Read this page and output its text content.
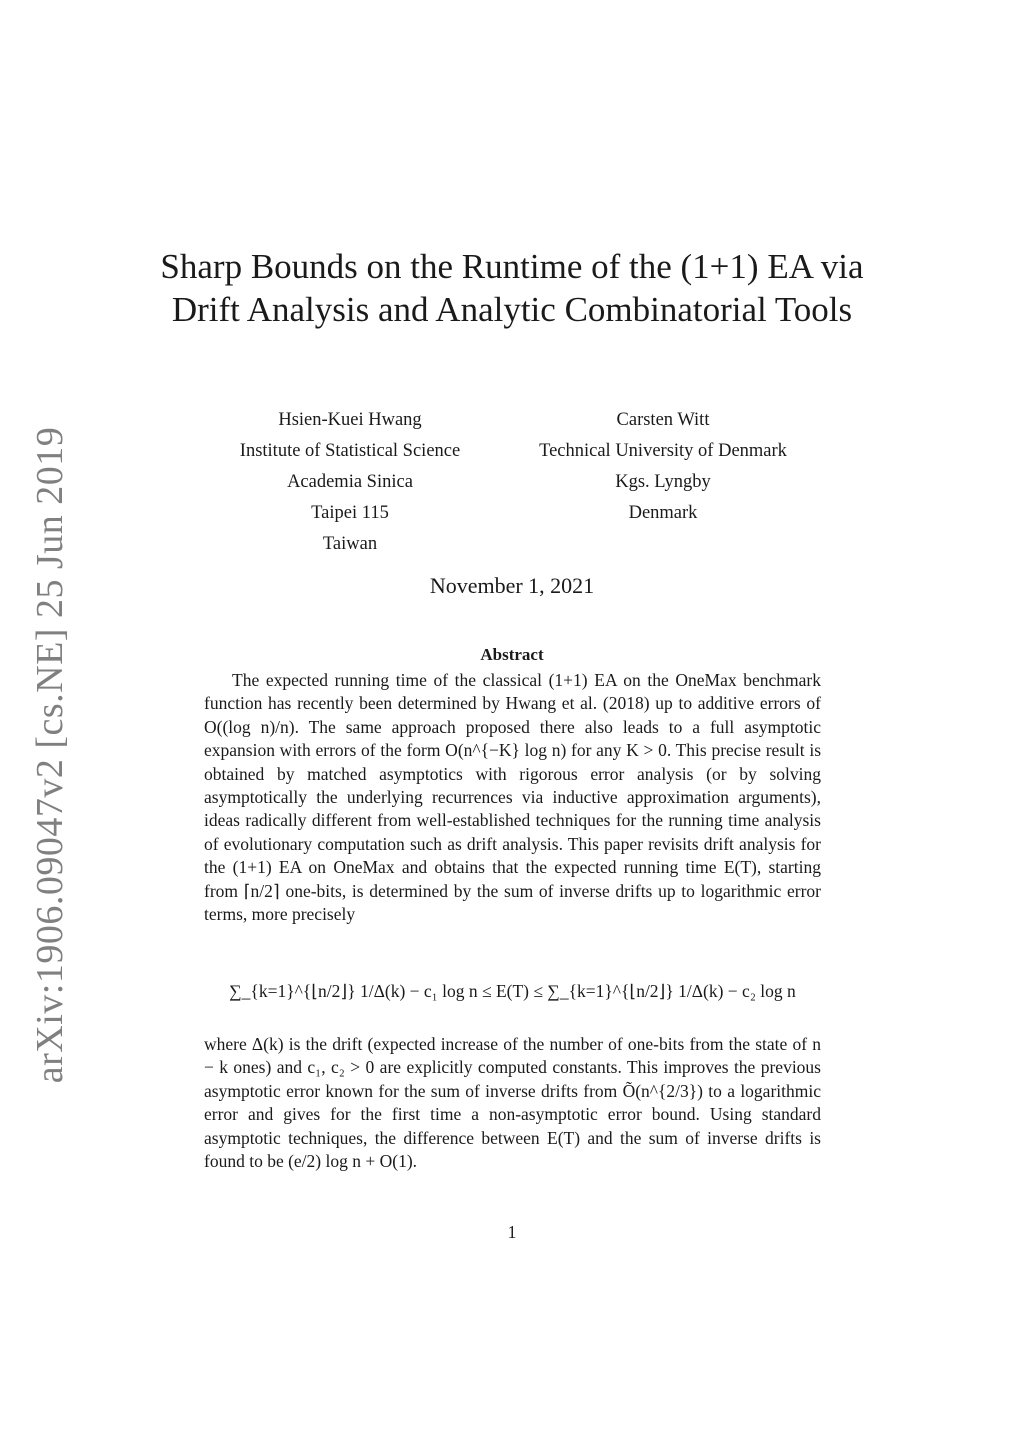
arXiv:1906.09047v2 [cs.NE] 25 Jun 2019
Sharp Bounds on the Runtime of the (1+1) EA via Drift Analysis and Analytic Combinatorial Tools
Hsien-Kuei Hwang
Institute of Statistical Science
Academia Sinica
Taipei 115
Taiwan
Carsten Witt
Technical University of Denmark
Kgs. Lyngby
Denmark
November 1, 2021
Abstract

The expected running time of the classical (1+1) EA on the OneMax benchmark function has recently been determined by Hwang et al. (2018) up to additive errors of O((log n)/n). The same approach proposed there also leads to a full asymptotic expansion with errors of the form O(n^{−K} log n) for any K > 0. This precise result is obtained by matched asymptotics with rigorous error analysis (or by solving asymptotically the underlying recurrences via inductive approximation arguments), ideas radically different from well-established techniques for the running time analysis of evolutionary computation such as drift analysis. This paper revisits drift analysis for the (1+1) EA on OneMax and obtains that the expected running time E(T), starting from ⌈n/2⌉ one-bits, is determined by the sum of inverse drifts up to logarithmic error terms, more precisely

∑_{k=1}^{⌊n/2⌋} 1/Δ(k) − c₁ log n ≤ E(T) ≤ ∑_{k=1}^{⌊n/2⌋} 1/Δ(k) − c₂ log n

where Δ(k) is the drift (expected increase of the number of one-bits from the state of n − k ones) and c₁, c₂ > 0 are explicitly computed constants. This improves the previous asymptotic error known for the sum of inverse drifts from Õ(n^{2/3}) to a logarithmic error and gives for the first time a non-asymptotic error bound. Using standard asymptotic techniques, the difference between E(T) and the sum of inverse drifts is found to be (e/2) log n + O(1).

1
